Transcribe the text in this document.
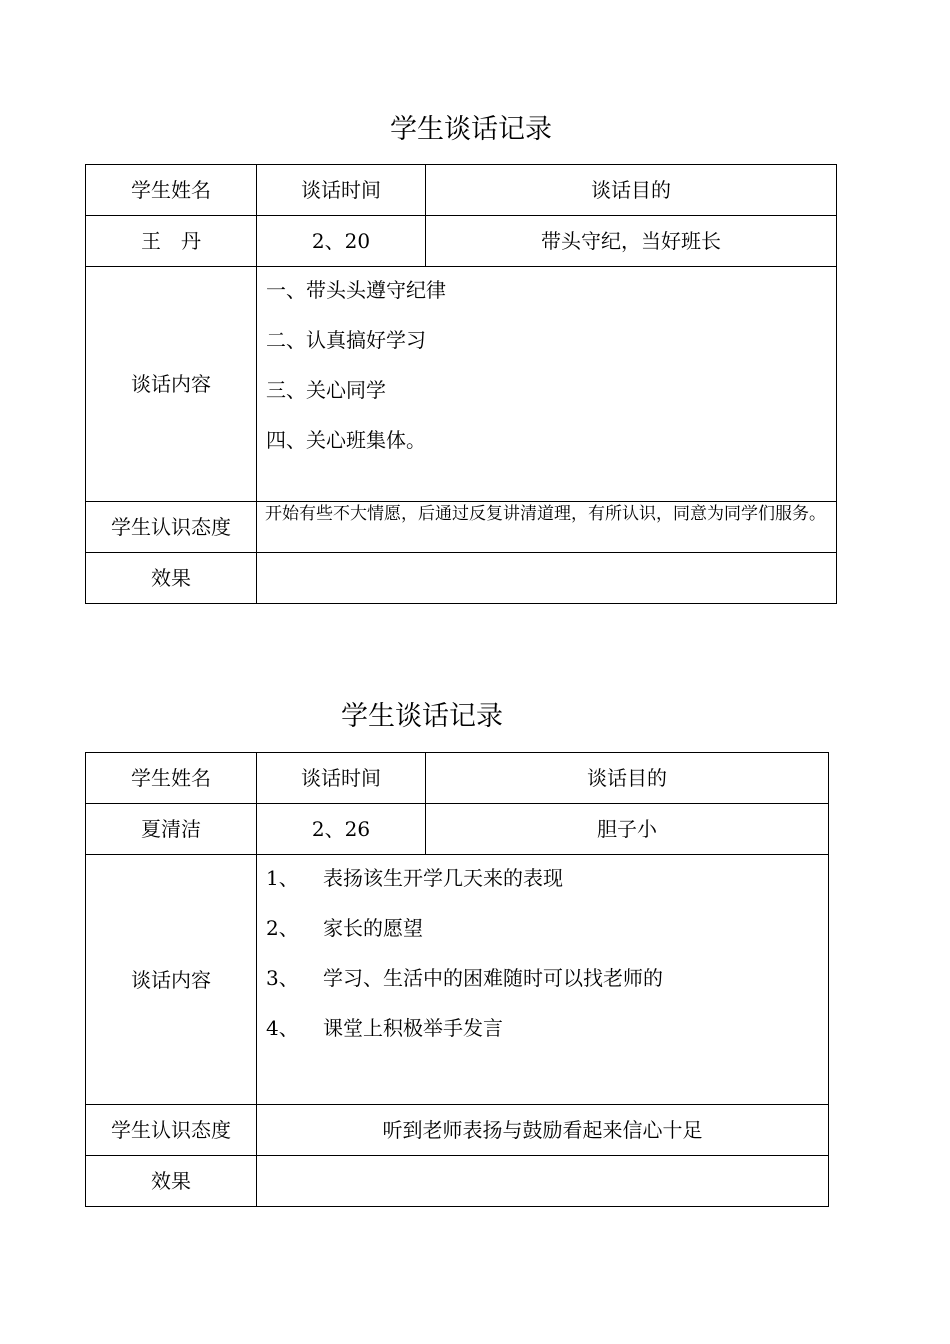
学生谈话记录
学生姓名	谈话时间	谈话目的
王　丹	2、20	带头守纪，当好班长
谈话内容	一、带头头遵守纪律
二、认真搞好学习
三、关心同学
四、关心班集体。	

学生认识态度	开始有些不大情愿，后通过反复讲清道理，有所认识，同意为同学们服务。	
效果		
学生谈话记录
学生姓名	谈话时间	谈话目的
夏清洁	2、26	胆子小
谈话内容	1、 表扬该生开学几天来的表现
2、 家长的愿望
3、 学习、生活中的困难随时可以找老师的
4、 课堂上积极举手发言	

学生认识态度	听到老师表扬与鼓励看起来信心十足	
效果		
